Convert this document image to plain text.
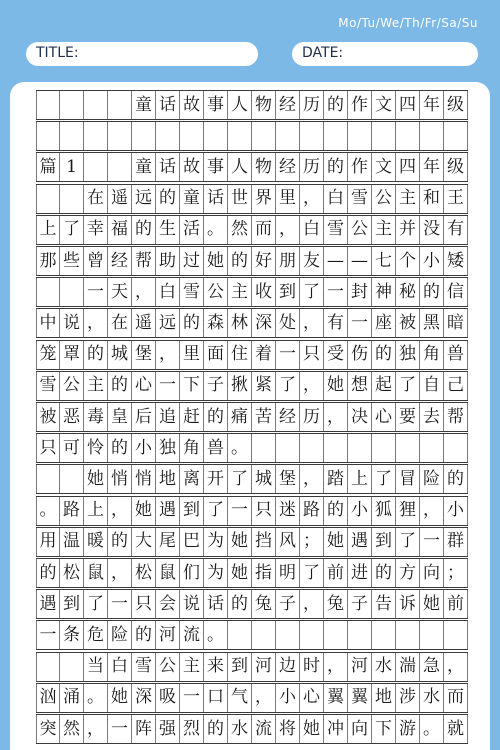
Mo/Tu/We/Th/Fr/Sa/Su
TITLE:	DATE:
童 话 故 事 人 物 经 历 的 作 文 四 年 级
篇 1	童 话 故 事 人 物 经 历 的 作 文 四 年 级
在 遥 远 的 童 话 世 界 里 ， 白 雪 公 主 和 王
上 了 幸 福 的 生 活 。 然 而 ， 白 雪 公 主 并 没 有
那 些 曾 经 帮 助 过 她 的 好 朋 友 — — 七 个 小 矮
一 天 ， 白 雪 公 主 收 到 了 一 封 神 秘 的 信
中 说 ， 在 遥 远 的 森 林 深 处 ， 有 一 座 被 黑 暗
笼 罩 的 城 堡 ， 里 面 住 着 一 只 受 伤 的 独 角 兽
雪 公 主 的 心 一 下 子 揪 紧 了 ， 她 想 起 了 自 己
被 恶 毒 皇 后 追 赶 的 痛 苦 经 历 ， 决 心 要 去 帮
只 可 怜 的 小 独 角 兽 。
她 悄 悄 地 离 开 了 城 堡 ， 踏 上 了 冒 险 的
。 路 上 ， 她 遇 到 了 一 只 迷 路 的 小 狐 狸 ， 小
用 温 暖 的 大 尾 巴 为 她 挡 风 ； 她 遇 到 了 一 群
的 松 鼠 ， 松 鼠 们 为 她 指 明 了 前 进 的 方 向 ；
遇 到 了 一 只 会 说 话 的 兔 子 ， 兔 子 告 诉 她 前
一 条 危 险 的 河 流 。
当 白 雪 公 主 来 到 河 边 时 ， 河 水 湍 急 ，
汹 涌 。 她 深 吸 一 口 气 ， 小 心 翼 翼 地 涉 水 而
突 然 ， 一 阵 强 烈 的 水 流 将 她 冲 向 下 游 。 就
